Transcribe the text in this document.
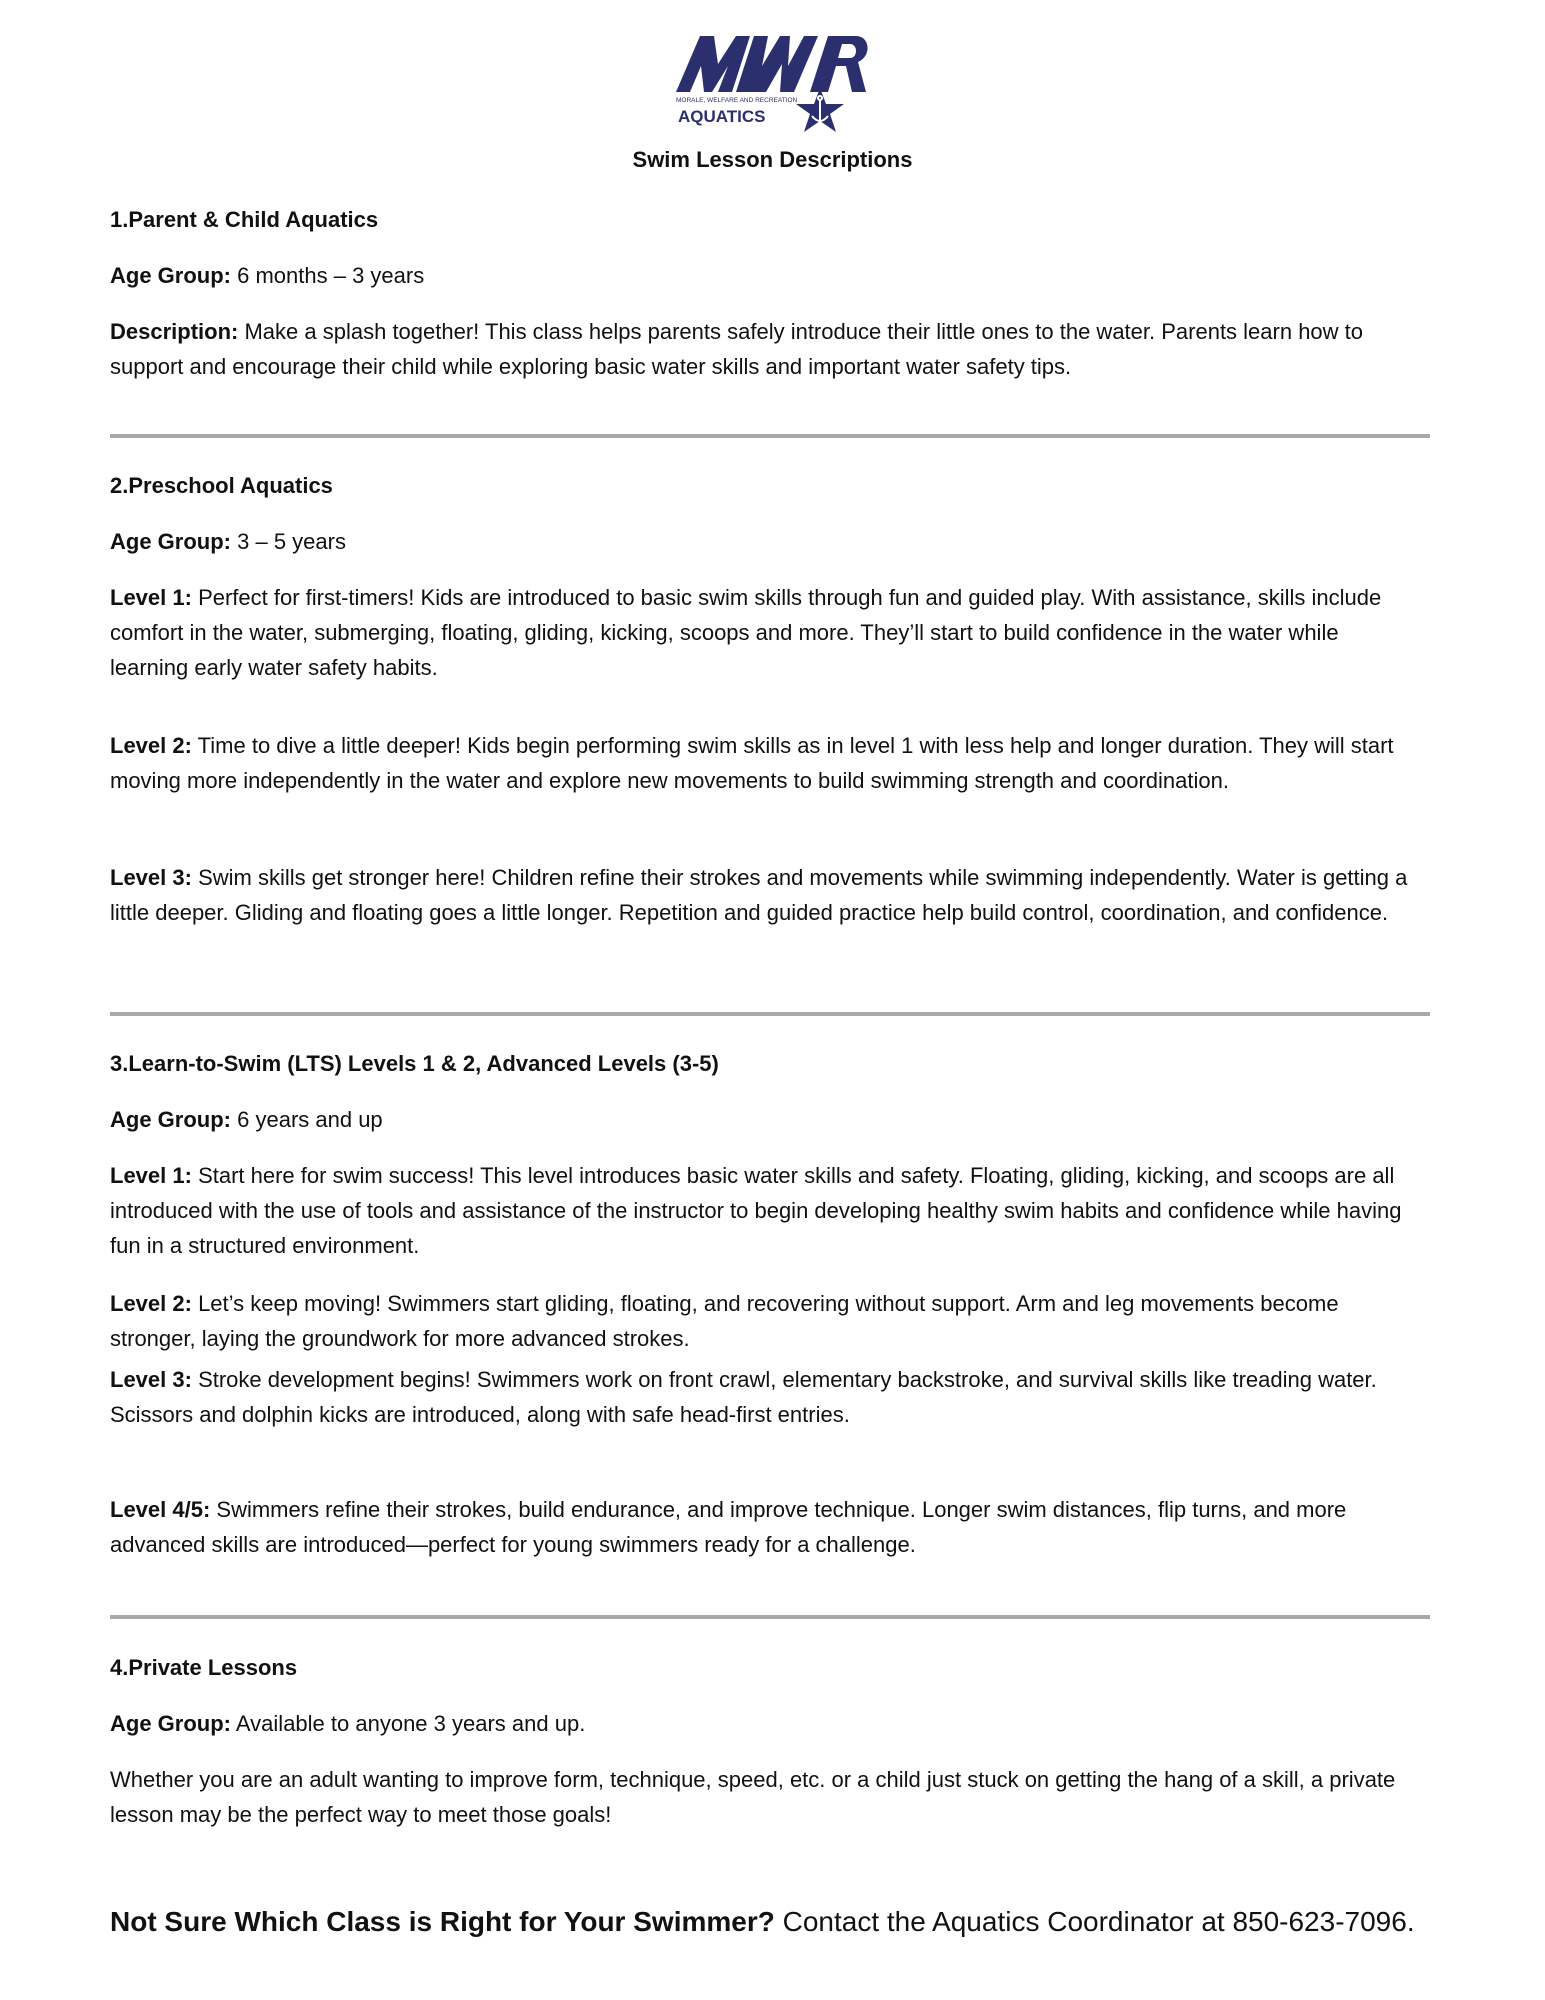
MORALE, WELFARE AND RECREATION
AQUATICS
Swim Lesson Descriptions

1.Parent & Child Aquatics

Age Group: 6 months – 3 years

Description: Make a splash together! This class helps parents safely introduce their little ones to the water. Parents learn how to support and encourage their child while exploring basic water skills and important water safety tips.

2.Preschool Aquatics

Age Group: 3 – 5 years

Level 1: Perfect for first-timers! Kids are introduced to basic swim skills through fun and guided play. With assistance, skills include comfort in the water, submerging, floating, gliding, kicking, scoops and more. They’ll start to build confidence in the water while learning early water safety habits.

Level 2: Time to dive a little deeper! Kids begin performing swim skills as in level 1 with less help and longer duration. They will start moving more independently in the water and explore new movements to build swimming strength and coordination.

Level 3: Swim skills get stronger here! Children refine their strokes and movements while swimming independently. Water is getting a little deeper. Gliding and floating goes a little longer. Repetition and guided practice help build control, coordination, and confidence.

3.Learn-to-Swim (LTS) Levels 1 & 2, Advanced Levels (3-5)

Age Group: 6 years and up

Level 1: Start here for swim success! This level introduces basic water skills and safety. Floating, gliding, kicking, and scoops are all introduced with the use of tools and assistance of the instructor to begin developing healthy swim habits and confidence while having fun in a structured environment.

Level 2: Let’s keep moving! Swimmers start gliding, floating, and recovering without support. Arm and leg movements become stronger, laying the groundwork for more advanced strokes.

Level 3: Stroke development begins! Swimmers work on front crawl, elementary backstroke, and survival skills like treading water. Scissors and dolphin kicks are introduced, along with safe head-first entries.

Level 4/5: Swimmers refine their strokes, build endurance, and improve technique. Longer swim distances, flip turns, and more advanced skills are introduced—perfect for young swimmers ready for a challenge.

4.Private Lessons

Age Group: Available to anyone 3 years and up.

Whether you are an adult wanting to improve form, technique, speed, etc. or a child just stuck on getting the hang of a skill, a private lesson may be the perfect way to meet those goals!

Not Sure Which Class is Right for Your Swimmer? Contact the Aquatics Coordinator at 850-623-7096.
